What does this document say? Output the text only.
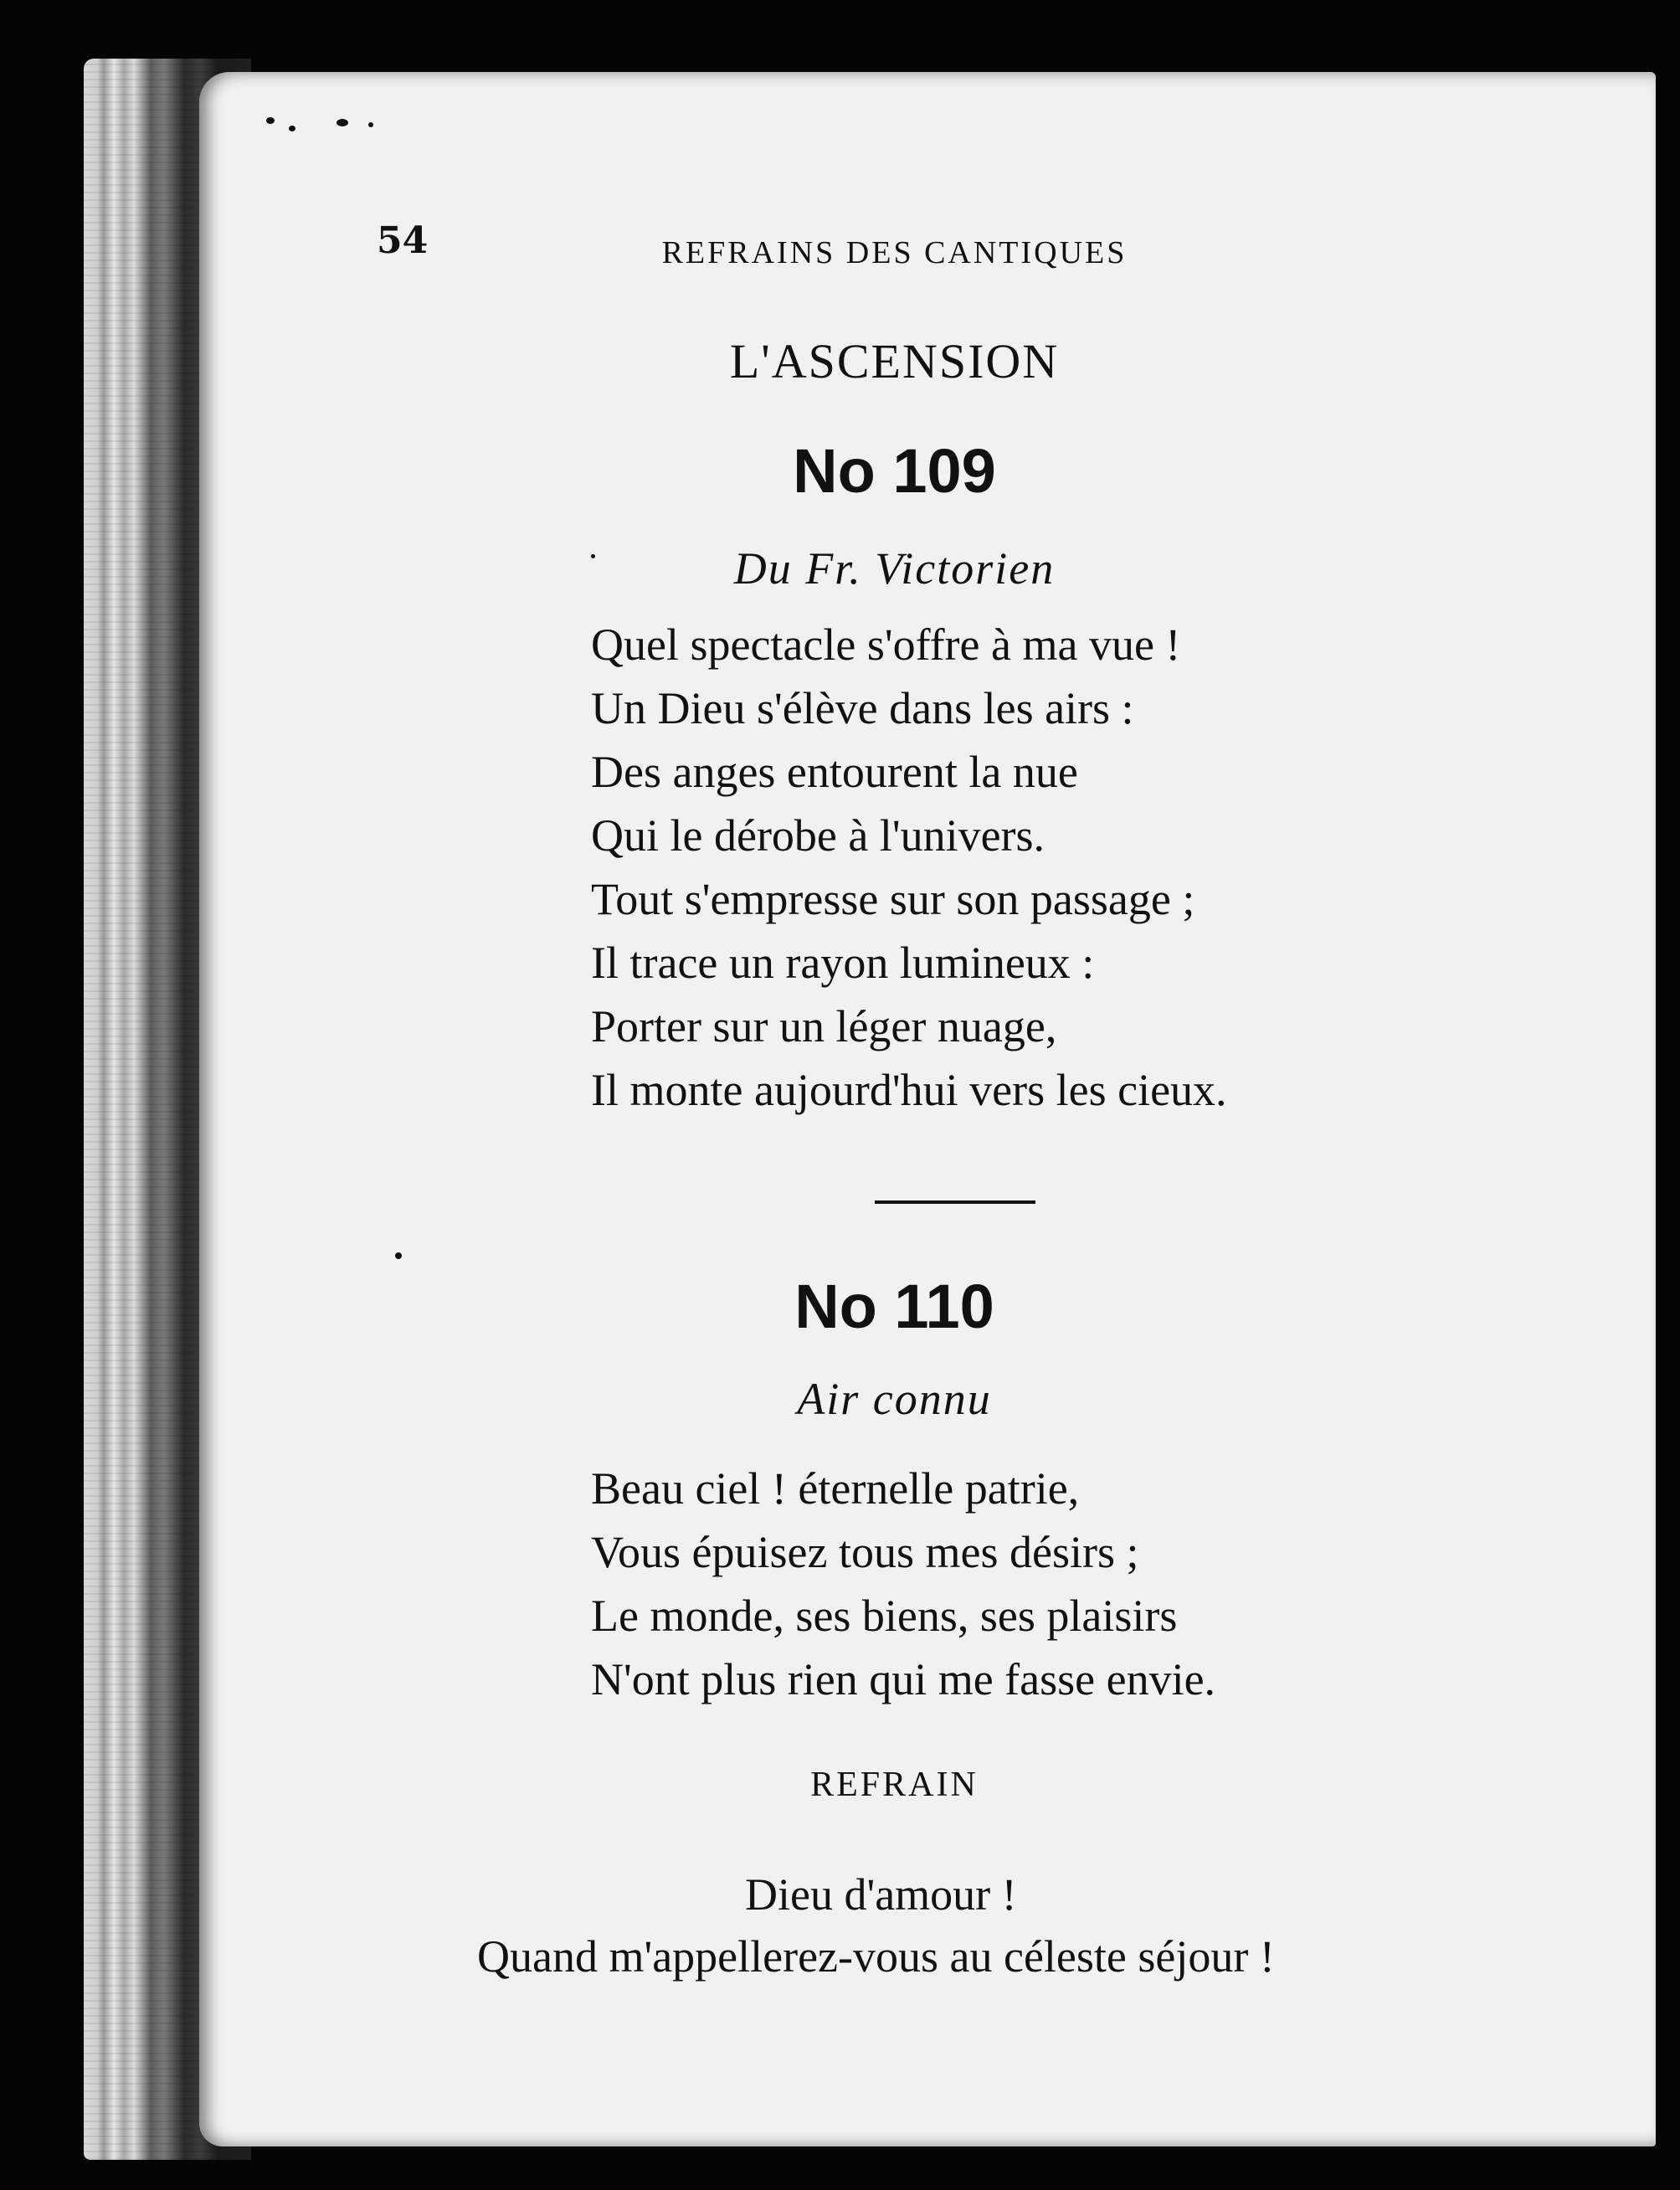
54	REFRAINS DES CANTIQUES
L'ASCENSION
No 109
Du Fr. Victorien
Quel spectacle s'offre à ma vue !
Un Dieu s'élève dans les airs :
Des anges entourent la nue
Qui le dérobe à l'univers.
Tout s'empresse sur son passage ;
Il trace un rayon lumineux :
Porter sur un léger nuage,
Il monte aujourd'hui vers les cieux.
No 110
Air connu
Beau ciel ! éternelle patrie,
Vous épuisez tous mes désirs ;
Le monde, ses biens, ses plaisirs
N'ont plus rien qui me fasse envie.
REFRAIN
Dieu d'amour !
Quand m'appellerez-vous au céleste séjour !
